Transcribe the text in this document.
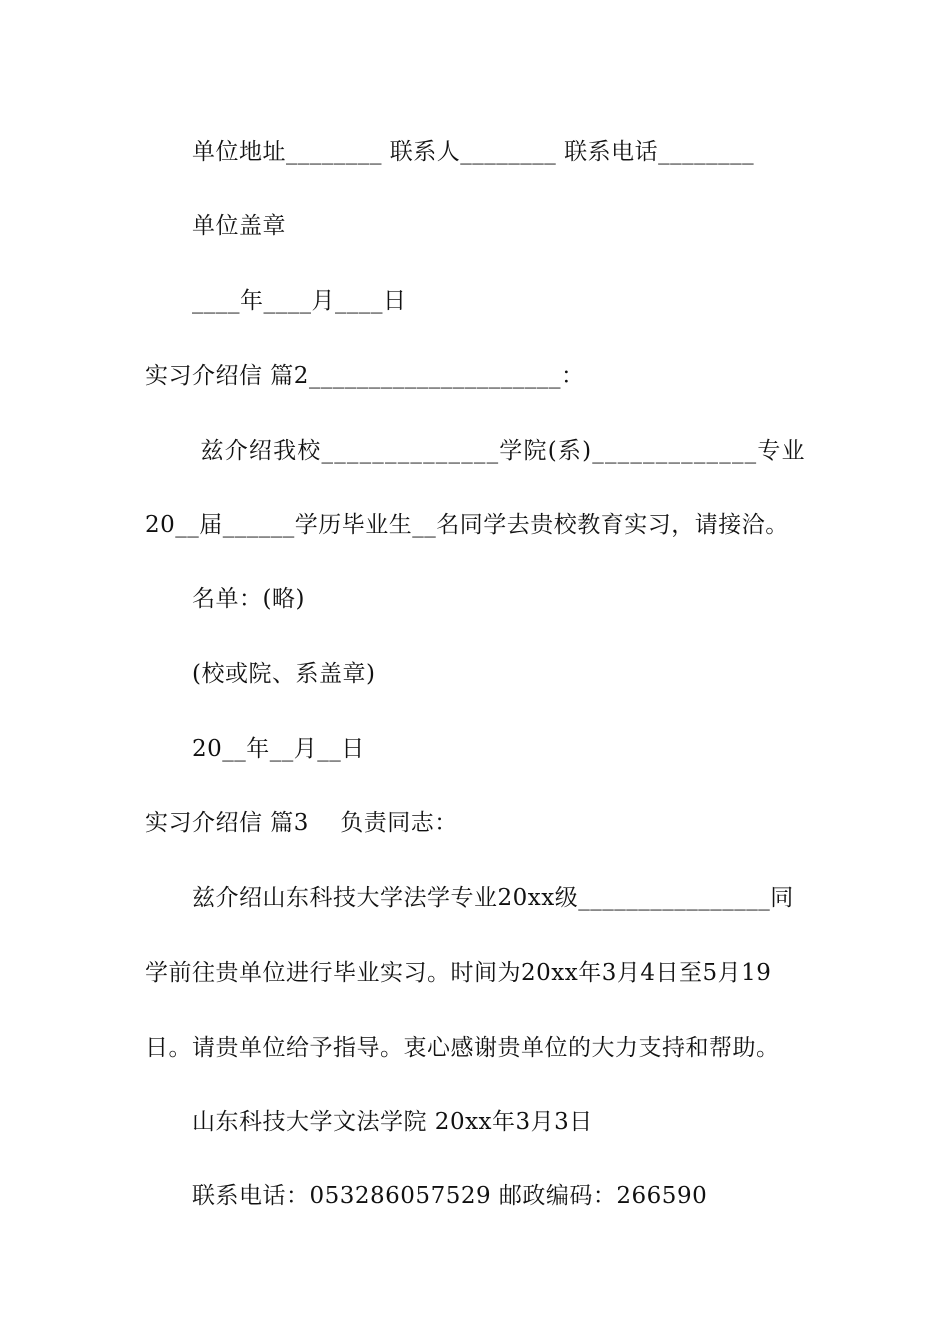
单位地址________ 联系人________ 联系电话________
单位盖章
____年____月____日
实习介绍信 篇2_____________________：
兹介绍我校______________学院(系)_____________专业
20__届______学历毕业生__名同学去贵校教育实习，请接洽。
名单：(略)
(校或院、系盖章)
20__年__月__日
实习介绍信 篇3    负责同志：
兹介绍山东科技大学法学专业20xx级________________同
学前往贵单位进行毕业实习。时间为20xx年3月4日至5月19
日。请贵单位给予指导。衷心感谢贵单位的大力支持和帮助。
山东科技大学文法学院 20xx年3月3日
联系电话：053286057529 邮政编码：266590
